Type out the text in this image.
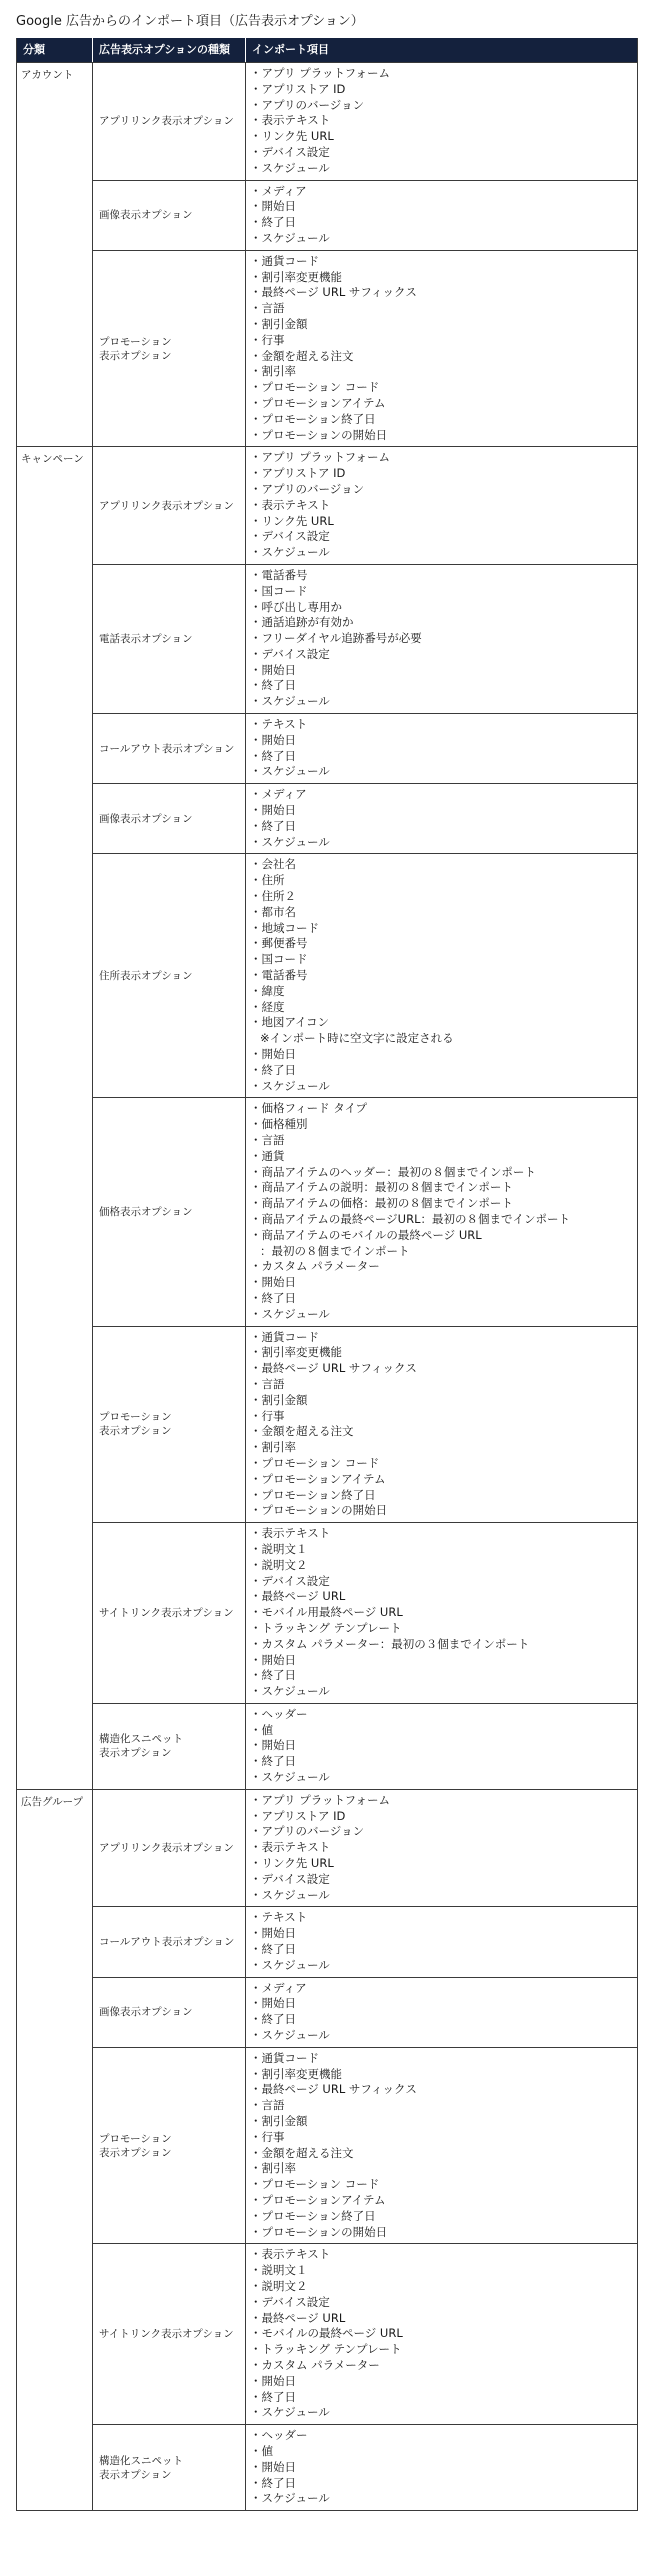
Google 広告からのインポート項目（広告表示オプション）
分類	広告表示オプションの種類	インポート項目
アカウント
アプリリンク表示オプション
・アプリ プラットフォーム
・アプリストア ID
・アプリのバージョン
・表示テキスト
・リンク先 URL
・デバイス設定
・スケジュール
画像表示オプション
・メディア
・開始日
・終了日
・スケジュール
プロモーション
表示オプション
・通貨コード
・割引率変更機能
・最終ページ URL サフィックス
・言語
・割引金額
・行事
・金額を超える注文
・割引率
・プロモーション コード
・プロモーションアイテム
・プロモーション終了日
・プロモーションの開始日
キャンペーン
アプリリンク表示オプション
・アプリ プラットフォーム
・アプリストア ID
・アプリのバージョン
・表示テキスト
・リンク先 URL
・デバイス設定
・スケジュール
電話表示オプション
・電話番号
・国コード
・呼び出し専用か
・通話追跡が有効か
・フリーダイヤル追跡番号が必要
・デバイス設定
・開始日
・終了日
・スケジュール
コールアウト表示オプション
・テキスト
・開始日
・終了日
・スケジュール
画像表示オプション
・メディア
・開始日
・終了日
・スケジュール
住所表示オプション
・会社名
・住所
・住所２
・都市名
・地域コード
・郵便番号
・国コード
・電話番号
・緯度
・経度
・地図アイコン
※インポート時に空文字に設定される
・開始日
・終了日
・スケジュール
価格表示オプション
・価格フィード タイプ
・価格種別
・言語
・通貨
・商品アイテムのヘッダー：最初の８個までインポート
・商品アイテムの説明：最初の８個までインポート
・商品アイテムの価格：最初の８個までインポート
・商品アイテムの最終ページURL：最初の８個までインポート
・商品アイテムのモバイルの最終ページ URL
：最初の８個までインポート
・カスタム パラメーター
・開始日
・終了日
・スケジュール
プロモーション
表示オプション
・通貨コード
・割引率変更機能
・最終ページ URL サフィックス
・言語
・割引金額
・行事
・金額を超える注文
・割引率
・プロモーション コード
・プロモーションアイテム
・プロモーション終了日
・プロモーションの開始日
サイトリンク表示オプション
・表示テキスト
・説明文１
・説明文２
・デバイス設定
・最終ページ URL
・モバイル用最終ページ URL
・トラッキング テンプレート
・カスタム パラメーター：最初の３個までインポート
・開始日
・終了日
・スケジュール
構造化スニペット
表示オプション
・ヘッダー
・値
・開始日
・終了日
・スケジュール
広告グループ
アプリリンク表示オプション
・アプリ プラットフォーム
・アプリストア ID
・アプリのバージョン
・表示テキスト
・リンク先 URL
・デバイス設定
・スケジュール
コールアウト表示オプション
・テキスト
・開始日
・終了日
・スケジュール
画像表示オプション
・メディア
・開始日
・終了日
・スケジュール
プロモーション
表示オプション
・通貨コード
・割引率変更機能
・最終ページ URL サフィックス
・言語
・割引金額
・行事
・金額を超える注文
・割引率
・プロモーション コード
・プロモーションアイテム
・プロモーション終了日
・プロモーションの開始日
サイトリンク表示オプション
・表示テキスト
・説明文１
・説明文２
・デバイス設定
・最終ページ URL
・モバイルの最終ページ URL
・トラッキング テンプレート
・カスタム パラメーター
・開始日
・終了日
・スケジュール
構造化スニペット
表示オプション
・ヘッダー
・値
・開始日
・終了日
・スケジュール
